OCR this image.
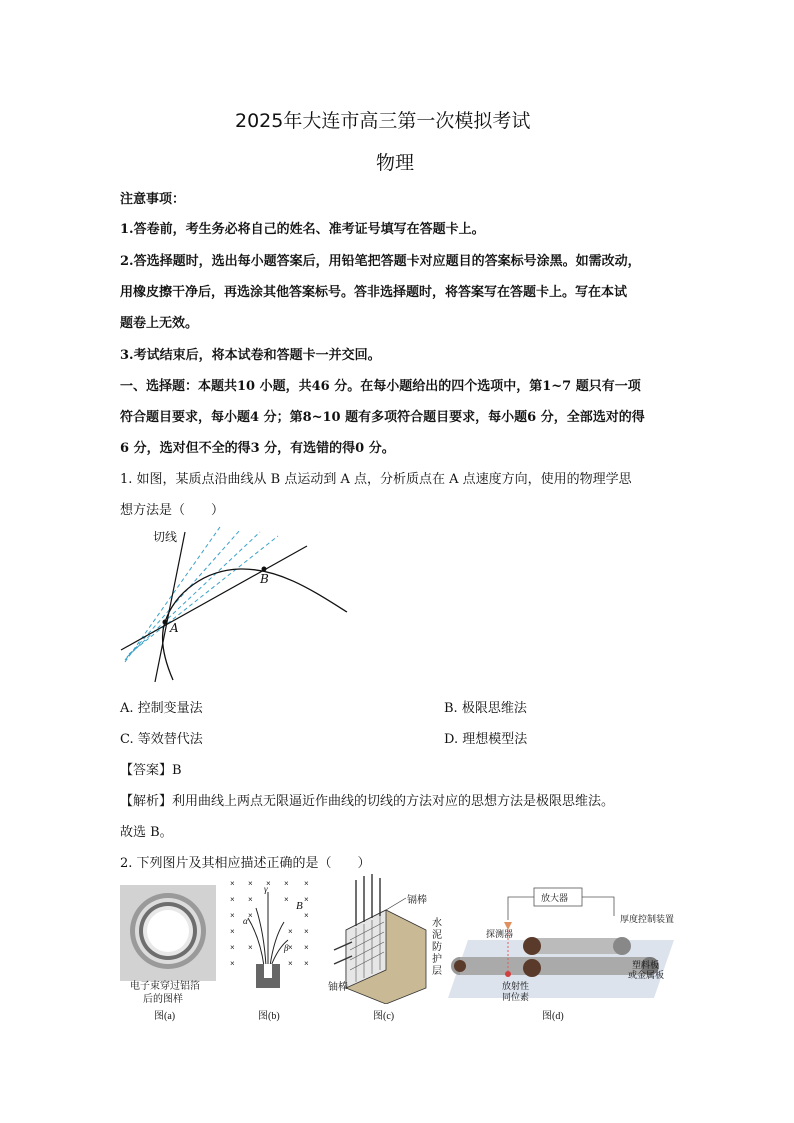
2025年大连市高三第一次模拟考试
物理
注意事项：
1.答卷前，考生务必将自己的姓名、准考证号填写在答题卡上。
2.答选择题时，选出每小题答案后，用铅笔把答题卡对应题目的答案标号涂黑。如需改动，
用橡皮擦干净后，再选涂其他答案标号。答非选择题时，将答案写在答题卡上。写在本试
题卷上无效。
3.考试结束后，将本试卷和答题卡一并交回。
一、选择题：本题共10 小题，共46 分。在每小题给出的四个选项中，第1~7 题只有一项
符合题目要求，每小题4 分；第8~10 题有多项符合题目要求，每小题6 分，全部选对的得
6 分，选对但不全的得3 分，有选错的得0 分。
1. 如图，某质点沿曲线从 B 点运动到 A 点，分析质点在 A 点速度方向，使用的物理学思
想方法是（　　）
切线
A
B
A. 控制变量法	B. 极限思维法
C. 等效替代法	D. 理想模型法
【答案】B
【解析】利用曲线上两点无限逼近作曲线的切线的方法对应的思想方法是极限思维法。
故选 B。
2. 下列图片及其相应描述正确的是（　　）
电子束穿过铝箔
后的图样
图(a)
× × × × ×
× ×	× ×
× ×	×
×	× ×
× ×	× ×
×	× ×
γ
α
β
B
图(b)
镉棒
水
泥
防
护
层
铀棒
图(c)
放大器
厚度控制装置
探测器
塑料板
或金属板
放射性
同位素
图(d)
